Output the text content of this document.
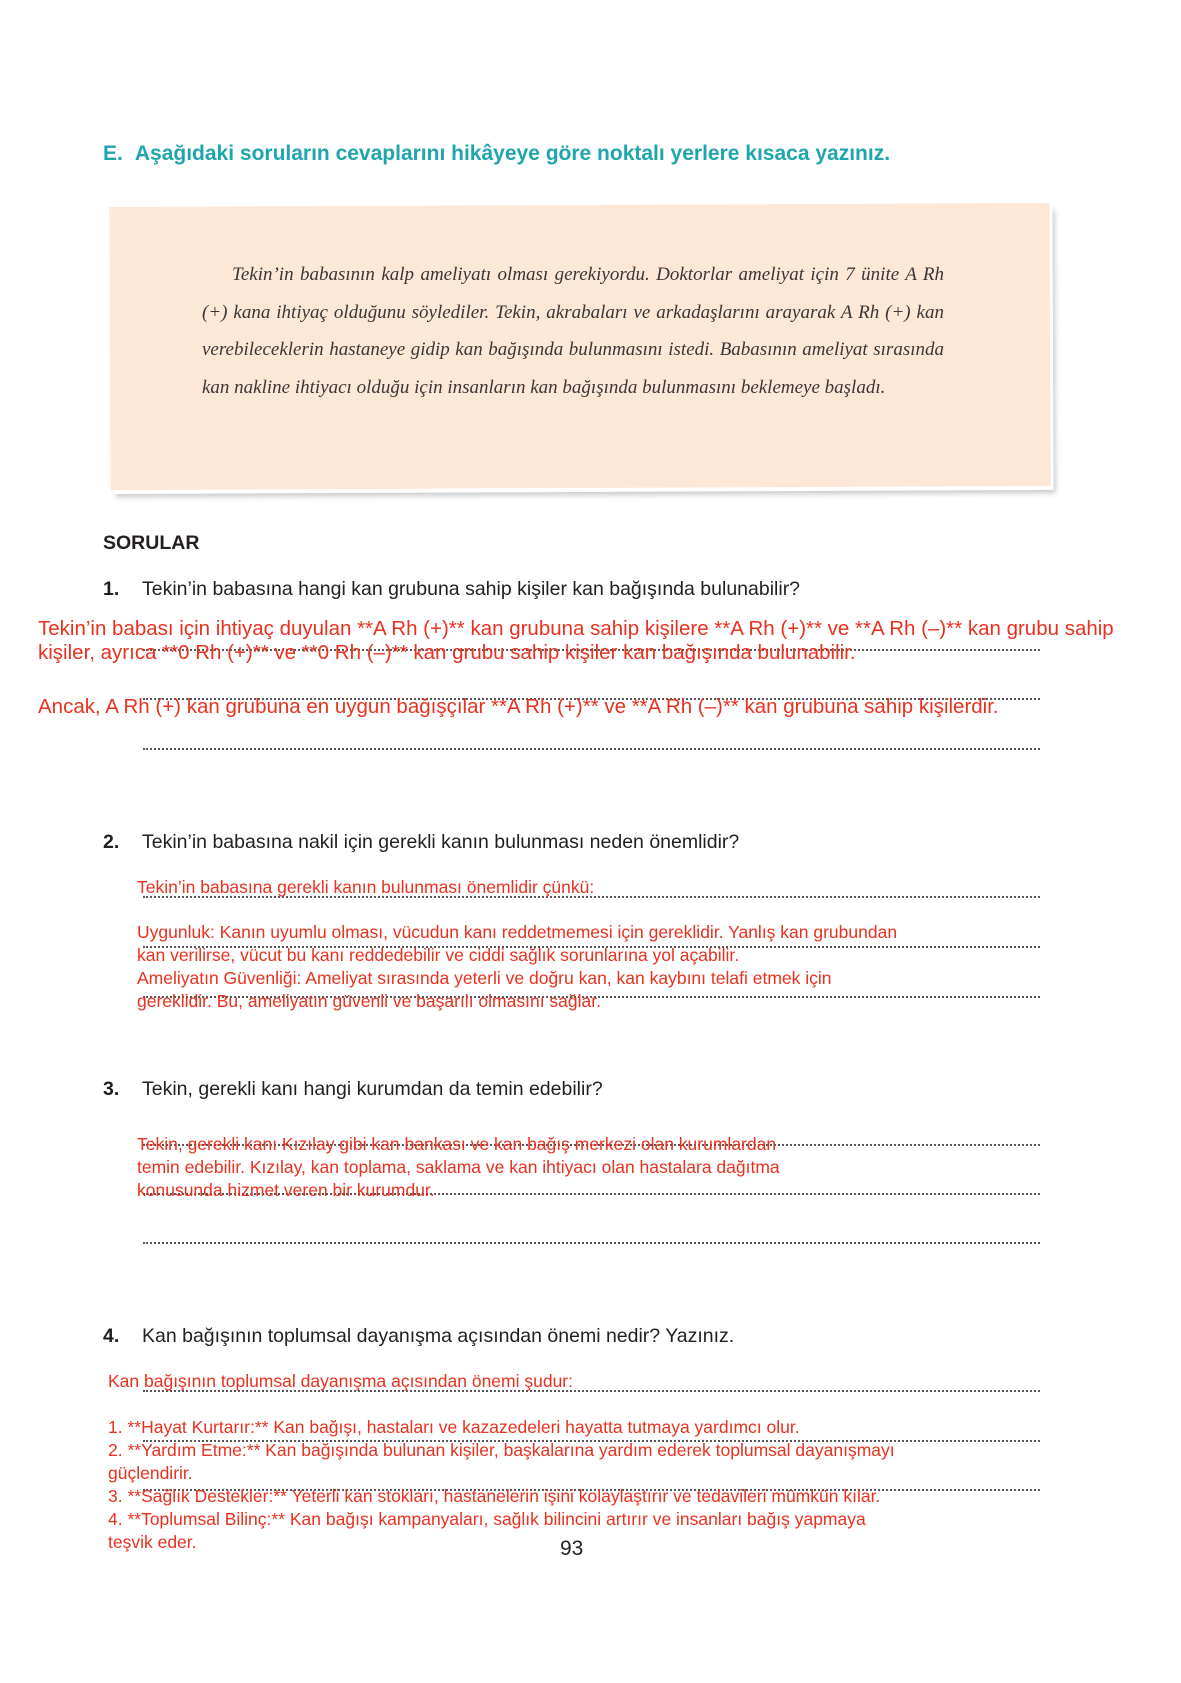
E. Aşağıdaki soruların cevaplarını hikâyeye göre noktalı yerlere kısaca yazınız.

Tekin’in babasının kalp ameliyatı olması gerekiyordu. Doktorlar ameliyat için 7 ünite A Rh (+) kana ihtiyaç olduğunu söylediler. Tekin, akrabaları ve arkadaşlarını arayarak A Rh (+) kan verebileceklerin hastaneye gidip kan bağışında bulunmasını istedi. Babasının ameliyat sırasında kan nakline ihtiyacı olduğu için insanların kan bağışında bulunmasını beklemeye başladı.

SORULAR
1. Tekin’in babasına hangi kan grubuna sahip kişiler kan bağışında bulunabilir?
Tekin’in babası için ihtiyaç duyulan **A Rh (+)** kan grubuna sahip kişilere **A Rh (+)** ve **A Rh (–)** kan grubu sahip
kişiler, ayrıca **0 Rh (+)** ve **0 Rh (–)** kan grubu sahip kişiler kan bağışında bulunabilir.
Ancak, A Rh (+) kan grubuna en uygun bağışçılar **A Rh (+)** ve **A Rh (–)** kan grubuna sahip kişilerdir.
2. Tekin’in babasına nakil için gerekli kanın bulunması neden önemlidir?
Tekin’in babasına gerekli kanın bulunması önemlidir çünkü:
Uygunluk: Kanın uyumlu olması, vücudun kanı reddetmemesi için gereklidir. Yanlış kan grubundan
kan verilirse, vücut bu kanı reddedebilir ve ciddi sağlık sorunlarına yol açabilir.
Ameliyatın Güvenliği: Ameliyat sırasında yeterli ve doğru kan, kan kaybını telafi etmek için
gereklidir. Bu, ameliyatın güvenli ve başarılı olmasını sağlar.
3. Tekin, gerekli kanı hangi kurumdan da temin edebilir?
Tekin, gerekli kanı Kızılay gibi kan bankası ve kan bağış merkezi olan kurumlardan
temin edebilir. Kızılay, kan toplama, saklama ve kan ihtiyacı olan hastalara dağıtma
konusunda hizmet veren bir kurumdur.
4. Kan bağışının toplumsal dayanışma açısından önemi nedir? Yazınız.
Kan bağışının toplumsal dayanışma açısından önemi şudur:
1. **Hayat Kurtarır:** Kan bağışı, hastaları ve kazazedeleri hayatta tutmaya yardımcı olur.
2. **Yardım Etme:** Kan bağışında bulunan kişiler, başkalarına yardım ederek toplumsal dayanışmayı
güçlendirir.
3. **Sağlık Destekler:** Yeterli kan stokları, hastanelerin işini kolaylaştırır ve tedavileri mümkün kılar.
4. **Toplumsal Bilinç:** Kan bağışı kampanyaları, sağlık bilincini artırır ve insanları bağış yapmaya
teşvik eder.	93
